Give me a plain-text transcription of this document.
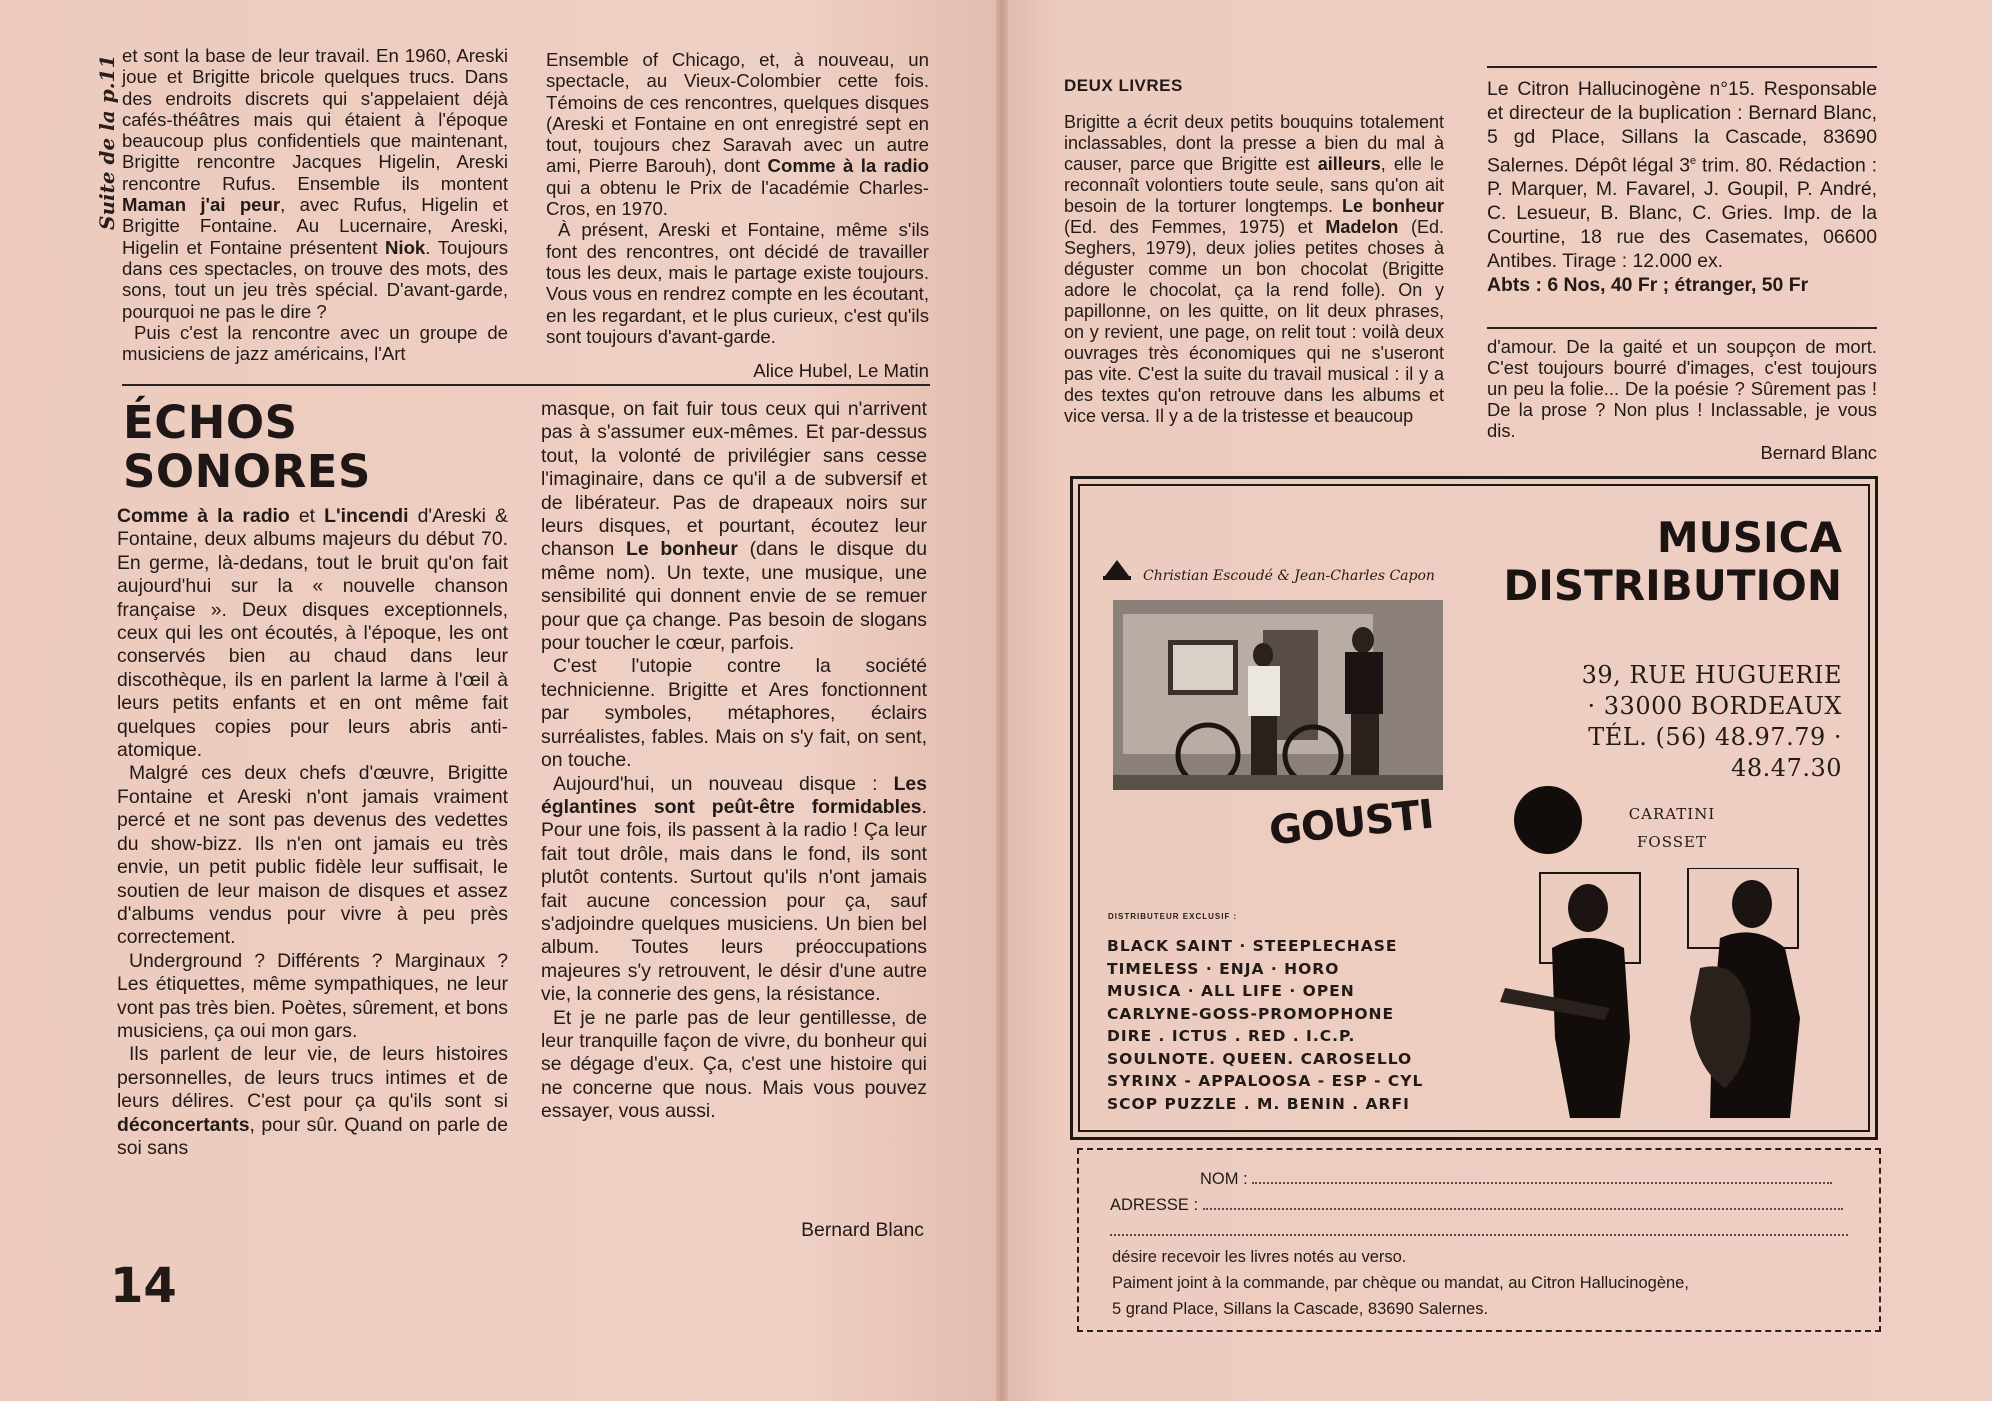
Suite de la p.11 et sont la base de leur travail. En 1960, Areski joue et Brigitte bricole quelques trucs. Dans des endroits discrets qui s'appelaient déjà cafés-théâtres mais qui étaient à l'époque beaucoup plus confidentiels que maintenant, Brigitte rencontre Jacques Higelin, Areski rencontre Rufus. Ensemble ils montent Maman j'ai peur, avec Rufus, Higelin et Brigitte Fontaine. Au Lucernaire, Areski, Higelin et Fontaine présentent Niok. Toujours dans ces spectacles, on trouve des mots, des sons, tout un jeu très spécial. D'avant-garde, pourquoi ne pas le dire ?

Puis c'est la rencontre avec un groupe de musiciens de jazz américains, l'Art

Ensemble of Chicago, et, à nouveau, un spectacle, au Vieux-Colombier cette fois. Témoins de ces rencontres, quelques disques (Areski et Fontaine en ont enregistré sept en tout, toujours chez Saravah avec un autre ami, Pierre Barouh), dont Comme à la radio qui a obtenu le Prix de l'académie Charles-Cros, en 1970.

À présent, Areski et Fontaine, même s'ils font des rencontres, ont décidé de travailler tous les deux, mais le partage existe toujours. Vous vous en rendrez compte en les écoutant, en les regardant, et le plus curieux, c'est qu'ils sont toujours d'avant-garde.

Alice Hubel, Le Matin
ÉCHOS
SONORES

Comme à la radio et L'incendi d'Areski & Fontaine, deux albums majeurs du début 70. En germe, là-dedans, tout le bruit qu'on fait aujourd'hui sur la « nouvelle chanson française ». Deux disques exceptionnels, ceux qui les ont écoutés, à l'époque, les ont conservés bien au chaud dans leur discothèque, ils en parlent la larme à l'œil à leurs petits enfants et en ont même fait quelques copies pour leurs abris anti-atomique.

Malgré ces deux chefs d'œuvre, Brigitte Fontaine et Areski n'ont jamais vraiment percé et ne sont pas devenus des vedettes du show-bizz. Ils n'en ont jamais eu très envie, un petit public fidèle leur suffisait, le soutien de leur maison de disques et assez d'albums vendus pour vivre à peu près correctement.

Underground ? Différents ? Marginaux ? Les étiquettes, même sympathiques, ne leur vont pas très bien. Poètes, sûrement, et bons musiciens, ça oui mon gars.

Ils parlent de leur vie, de leurs histoires personnelles, de leurs trucs intimes et de leurs délires. C'est pour ça qu'ils sont si déconcertants, pour sûr. Quand on parle de soi sans

masque, on fait fuir tous ceux qui n'arrivent pas à s'assumer eux-mêmes. Et par-dessus tout, la volonté de privilégier sans cesse l'imaginaire, dans ce qu'il a de subversif et de libérateur. Pas de drapeaux noirs sur leurs disques, et pourtant, écoutez leur chanson Le bonheur (dans le disque du même nom). Un texte, une musique, une sensibilité qui donnent envie de se remuer pour que ça change. Pas besoin de slogans pour toucher le cœur, parfois.

C'est l'utopie contre la société technicienne. Brigitte et Ares fonctionnent par symboles, métaphores, éclairs surréalistes, fables. Mais on s'y fait, on sent, on touche.

Aujourd'hui, un nouveau disque : Les églantines sont peût-être formidables. Pour une fois, ils passent à la radio ! Ça leur fait tout drôle, mais dans le fond, ils sont plutôt contents. Surtout qu'ils n'ont jamais fait aucune concession pour ça, sauf s'adjoindre quelques musiciens. Un bien bel album. Toutes leurs préoccupations majeures s'y retrouvent, le désir d'une autre vie, la connerie des gens, la résistance.

Et je ne parle pas de leur gentillesse, de leur tranquille façon de vivre, du bonheur qui se dégage d'eux. Ça, c'est une histoire qui ne concerne que nous. Mais vous pouvez essayer, vous aussi.

Bernard Blanc
14
DEUX LIVRES
Brigitte a écrit deux petits bouquins totalement inclassables, dont la presse a bien du mal à causer, parce que Brigitte est ailleurs, elle le reconnaît volontiers toute seule, sans qu'on ait besoin de la torturer longtemps. Le bonheur (Ed. des Femmes, 1975) et Madelon (Ed. Seghers, 1979), deux jolies petites choses à déguster comme un bon chocolat (Brigitte adore le chocolat, ça la rend folle). On y papillonne, on les quitte, on lit deux phrases, on y revient, une page, on relit tout : voilà deux ouvrages très économiques qui ne s'useront pas vite. C'est la suite du travail musical : il y a des textes qu'on retrouve dans les albums et vice versa. Il y a de la tristesse et beaucoup
Le Citron Hallucinogène n°15. Responsable et directeur de la buplication : Bernard Blanc, 5 gd Place, Sillans la Cascade, 83690 Salernes. Dépôt légal 3e trim. 80. Rédaction : P. Marquer, M. Favarel, J. Goupil, P. André, C. Lesueur, B. Blanc, C. Gries. Imp. de la Courtine, 18 rue des Casemates, 06600 Antibes. Tirage : 12.000 ex.
Abts : 6 Nos, 40 Fr ; étranger, 50 Fr
d'amour. De la gaité et un soupçon de mort. C'est toujours bourré d'images, c'est toujours un peu la folie... De la poésie ? Sûrement pas ! De la prose ? Non plus ! Inclassable, je vous dis.
Bernard Blanc
MUSICA
DISTRIBUTION
39, RUE HUGUERIE
· 33000 BORDEAUX
TÉL. (56) 48.97.79 · 48.47.30
Christian Escoudé & Jean-Charles Capon
GOUSTI
DISTRIBUTEUR EXCLUSIF :
BLACK SAINT · STEEPLECHASE
TIMELESS · ENJA · HORO
MUSICA · ALL LIFE · OPEN
CARLYNE-GOSS-PROMOPHONE
DIRE . ICTUS . RED . I.C.P.
SOULNOTE. QUEEN. CAROSELLO
SYRINX - APPALOOSA - ESP - CYL
SCOP PUZZLE . M. BENIN . ARFI
CARATINI
FOSSET
NOM :
ADRESSE :
désire recevoir les livres notés au verso.
Paiment joint à la commande, par chèque ou mandat, au Citron Hallucinogène,
5 grand Place, Sillans la Cascade, 83690 Salernes.
